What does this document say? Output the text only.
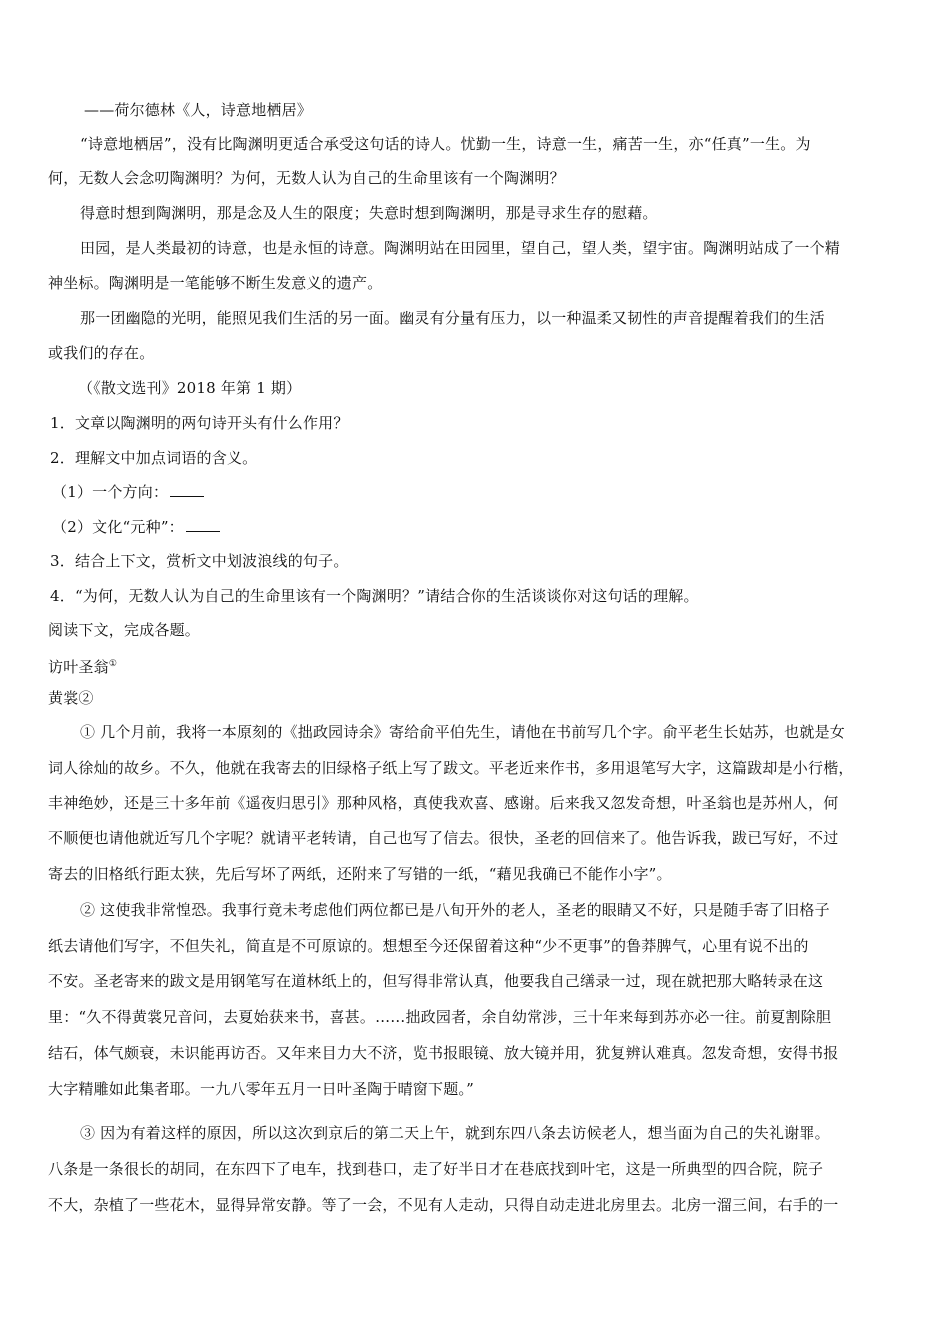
——荷尔德林《人，诗意地栖居》
“诗意地栖居”，没有比陶渊明更适合承受这句话的诗人。忧勤一生，诗意一生，痛苦一生，亦“任真”一生。为
何，无数人会念叨陶渊明？为何，无数人认为自己的生命里该有一个陶渊明？
得意时想到陶渊明，那是念及人生的限度；失意时想到陶渊明，那是寻求生存的慰藉。
田园，是人类最初的诗意，也是永恒的诗意。陶渊明站在田园里，望自己，望人类，望宇宙。陶渊明站成了一个精
神坐标。陶渊明是一笔能够不断生发意义的遗产。
那一团幽隐的光明，能照见我们生活的另一面。幽灵有分量有压力，以一种温柔又韧性的声音提醒着我们的生活
或我们的存在。
（《散文选刊》2018 年第 1 期）
1．文章以陶渊明的两句诗开头有什么作用？
2．理解文中加点词语的含义。
（1）一个方向：
（2）文化“元种”：
3．结合上下文，赏析文中划波浪线的句子。
4．“为何，无数人认为自己的生命里该有一个陶渊明？”请结合你的生活谈谈你对这句话的理解。
阅读下文，完成各题。
访叶圣翁①
黄裳②
① 几个月前，我将一本原刻的《拙政园诗余》寄给俞平伯先生，请他在书前写几个字。俞平老生长姑苏，也就是女
词人徐灿的故乡。不久，他就在我寄去的旧绿格子纸上写了跋文。平老近来作书，多用退笔写大字，这篇跋却是小行楷，
丰神绝妙，还是三十多年前《遥夜归思引》那种风格，真使我欢喜、感谢。后来我又忽发奇想，叶圣翁也是苏州人，何
不顺便也请他就近写几个字呢？就请平老转请，自己也写了信去。很快，圣老的回信来了。他告诉我，跋已写好，不过
寄去的旧格纸行距太狭，先后写坏了两纸，还附来了写错的一纸，“藉见我确已不能作小字”。
② 这使我非常惶恐。我事行竟未考虑他们两位都已是八旬开外的老人，圣老的眼睛又不好，只是随手寄了旧格子
纸去请他们写字，不但失礼，简直是不可原谅的。想想至今还保留着这种“少不更事”的鲁莽脾气，心里有说不出的
不安。圣老寄来的跋文是用钢笔写在道林纸上的，但写得非常认真，他要我自己缮录一过，现在就把那大略转录在这
里：“久不得黄裳兄音问，去夏始获来书，喜甚。……拙政园者，余自幼常涉，三十年来每到苏亦必一往。前夏割除胆
结石，体气颇衰，未识能再访否。又年来目力大不济，览书报眼镜、放大镜并用，犹复辨认难真。忽发奇想，安得书报
大字精雕如此集者耶。一九八零年五月一日叶圣陶于晴窗下题。”
③ 因为有着这样的原因，所以这次到京后的第二天上午，就到东四八条去访候老人，想当面为自己的失礼谢罪。
八条是一条很长的胡同，在东四下了电车，找到巷口，走了好半日才在巷底找到叶宅，这是一所典型的四合院，院子
不大，杂植了一些花木，显得异常安静。等了一会，不见有人走动，只得自动走进北房里去。北房一溜三间，右手的一
